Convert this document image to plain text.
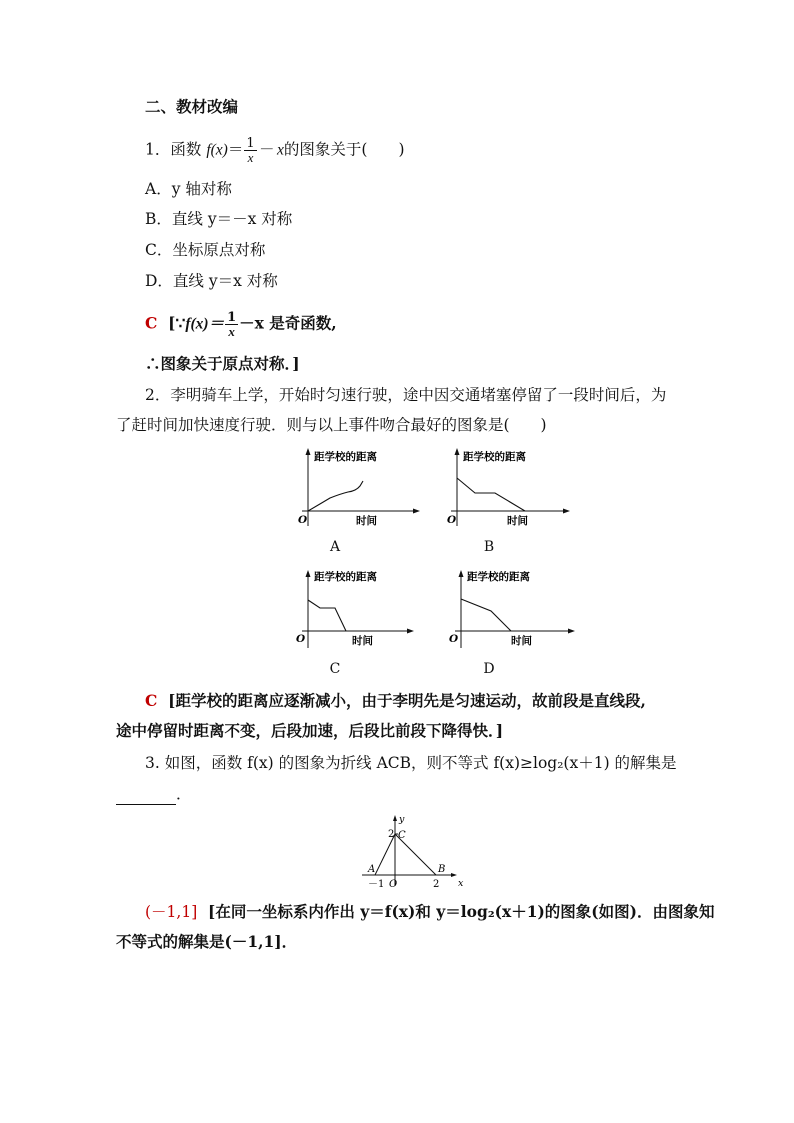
二、教材改编
1．函数 $f(x)= \frac{1}{x} - x$的图象关于(　　)
A．y 轴对称
B．直线 y＝－x 对称
C．坐标原点对称
D．直线 y＝x 对称
C [∵f(x)＝ $\frac{1}{x} -x$ 是奇函数,
∴图象关于原点对称．]
2．李明骑车上学，开始时匀速行驶，途中因交通堵塞停留了一段时间后，为
了赶时间加快速度行驶．则与以上事件吻合最好的图象是(　　)
距学校的距离
时间
O
A
距学校的距离
时间
O
B
距学校的距离
时间
O
C
距学校的距离
时间
O
D
C [距学校的距离应逐渐减小，由于李明先是匀速运动，故前段是直线段,
途中停留时距离不变，后段加速，后段比前段下降得快．]
3. 如图，函数 f(x) 的图象为折线 ACB，则不等式 f(x)≥log₂(x＋1) 的解集是
．
y
x
2 C
A	B
－1 O	2
(－1,1] [在同一坐标系内作出 y＝f(x)和 y＝log₂(x＋1)的图象(如图)．由图象知
不等式的解集是(－1,1]．
